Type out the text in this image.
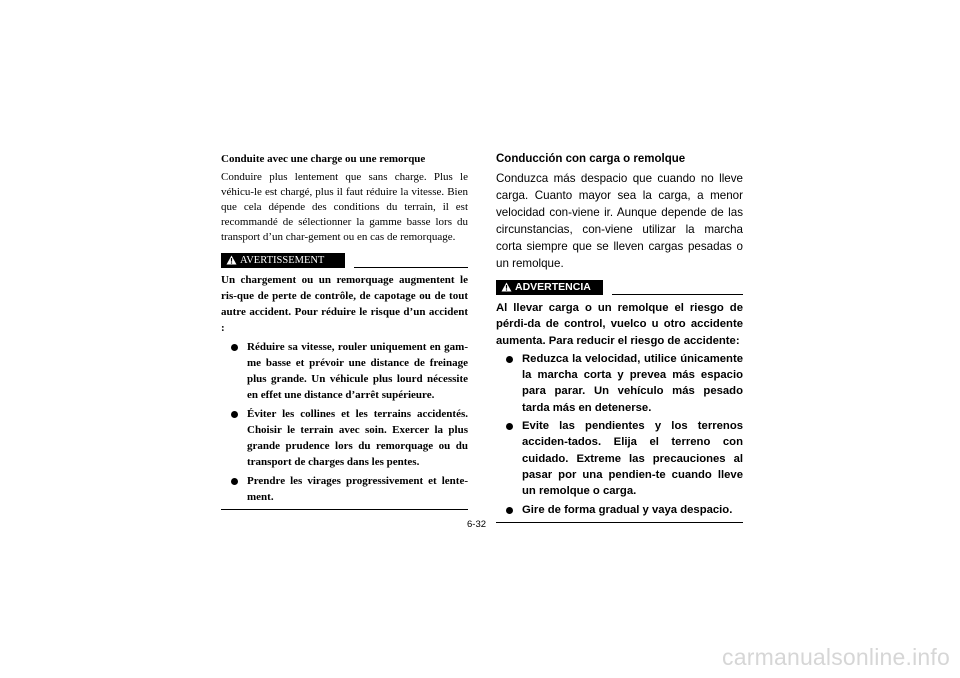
Conduite avec une charge ou une remorque

Conduire plus lentement que sans charge. Plus le véhicu-le est chargé, plus il faut réduire la vitesse. Bien que cela dépende des conditions du terrain, il est recommandé de sélectionner la gamme basse lors du transport d’un char-gement ou en cas de remorquage.

AVERTISSEMENT

Un chargement ou un remorquage augmentent le ris-que de perte de contrôle, de capotage ou de tout autre accident. Pour réduire le risque d’un accident :

Réduire sa vitesse, rouler uniquement en gam-me basse et prévoir une distance de freinage plus grande. Un véhicule plus lourd nécessite en effet une distance d’arrêt supérieure.
Éviter les collines et les terrains accidentés. Choisir le terrain avec soin. Exercer la plus grande prudence lors du remorquage ou du transport de charges dans les pentes.
Prendre les virages progressivement et lente-ment.

Conducción con carga o remolque

Conduzca más despacio que cuando no lleve carga. Cuanto mayor sea la carga, a menor velocidad con-viene ir. Aunque depende de las circunstancias, con-viene utilizar la marcha corta siempre que se lleven cargas pesadas o un remolque.

ADVERTENCIA

Al llevar carga o un remolque el riesgo de pérdi-da de control, vuelco u otro accidente aumenta. Para reducir el riesgo de accidente:

Reduzca la velocidad, utilice únicamente la marcha corta y prevea más espacio para parar. Un vehículo más pesado tarda más en detenerse.
Evite las pendientes y los terrenos acciden-tados. Elija el terreno con cuidado. Extreme las precauciones al pasar por una pendien-te cuando lleve un remolque o carga.
Gire de forma gradual y vaya despacio.
6-32
carmanualsonline.info
